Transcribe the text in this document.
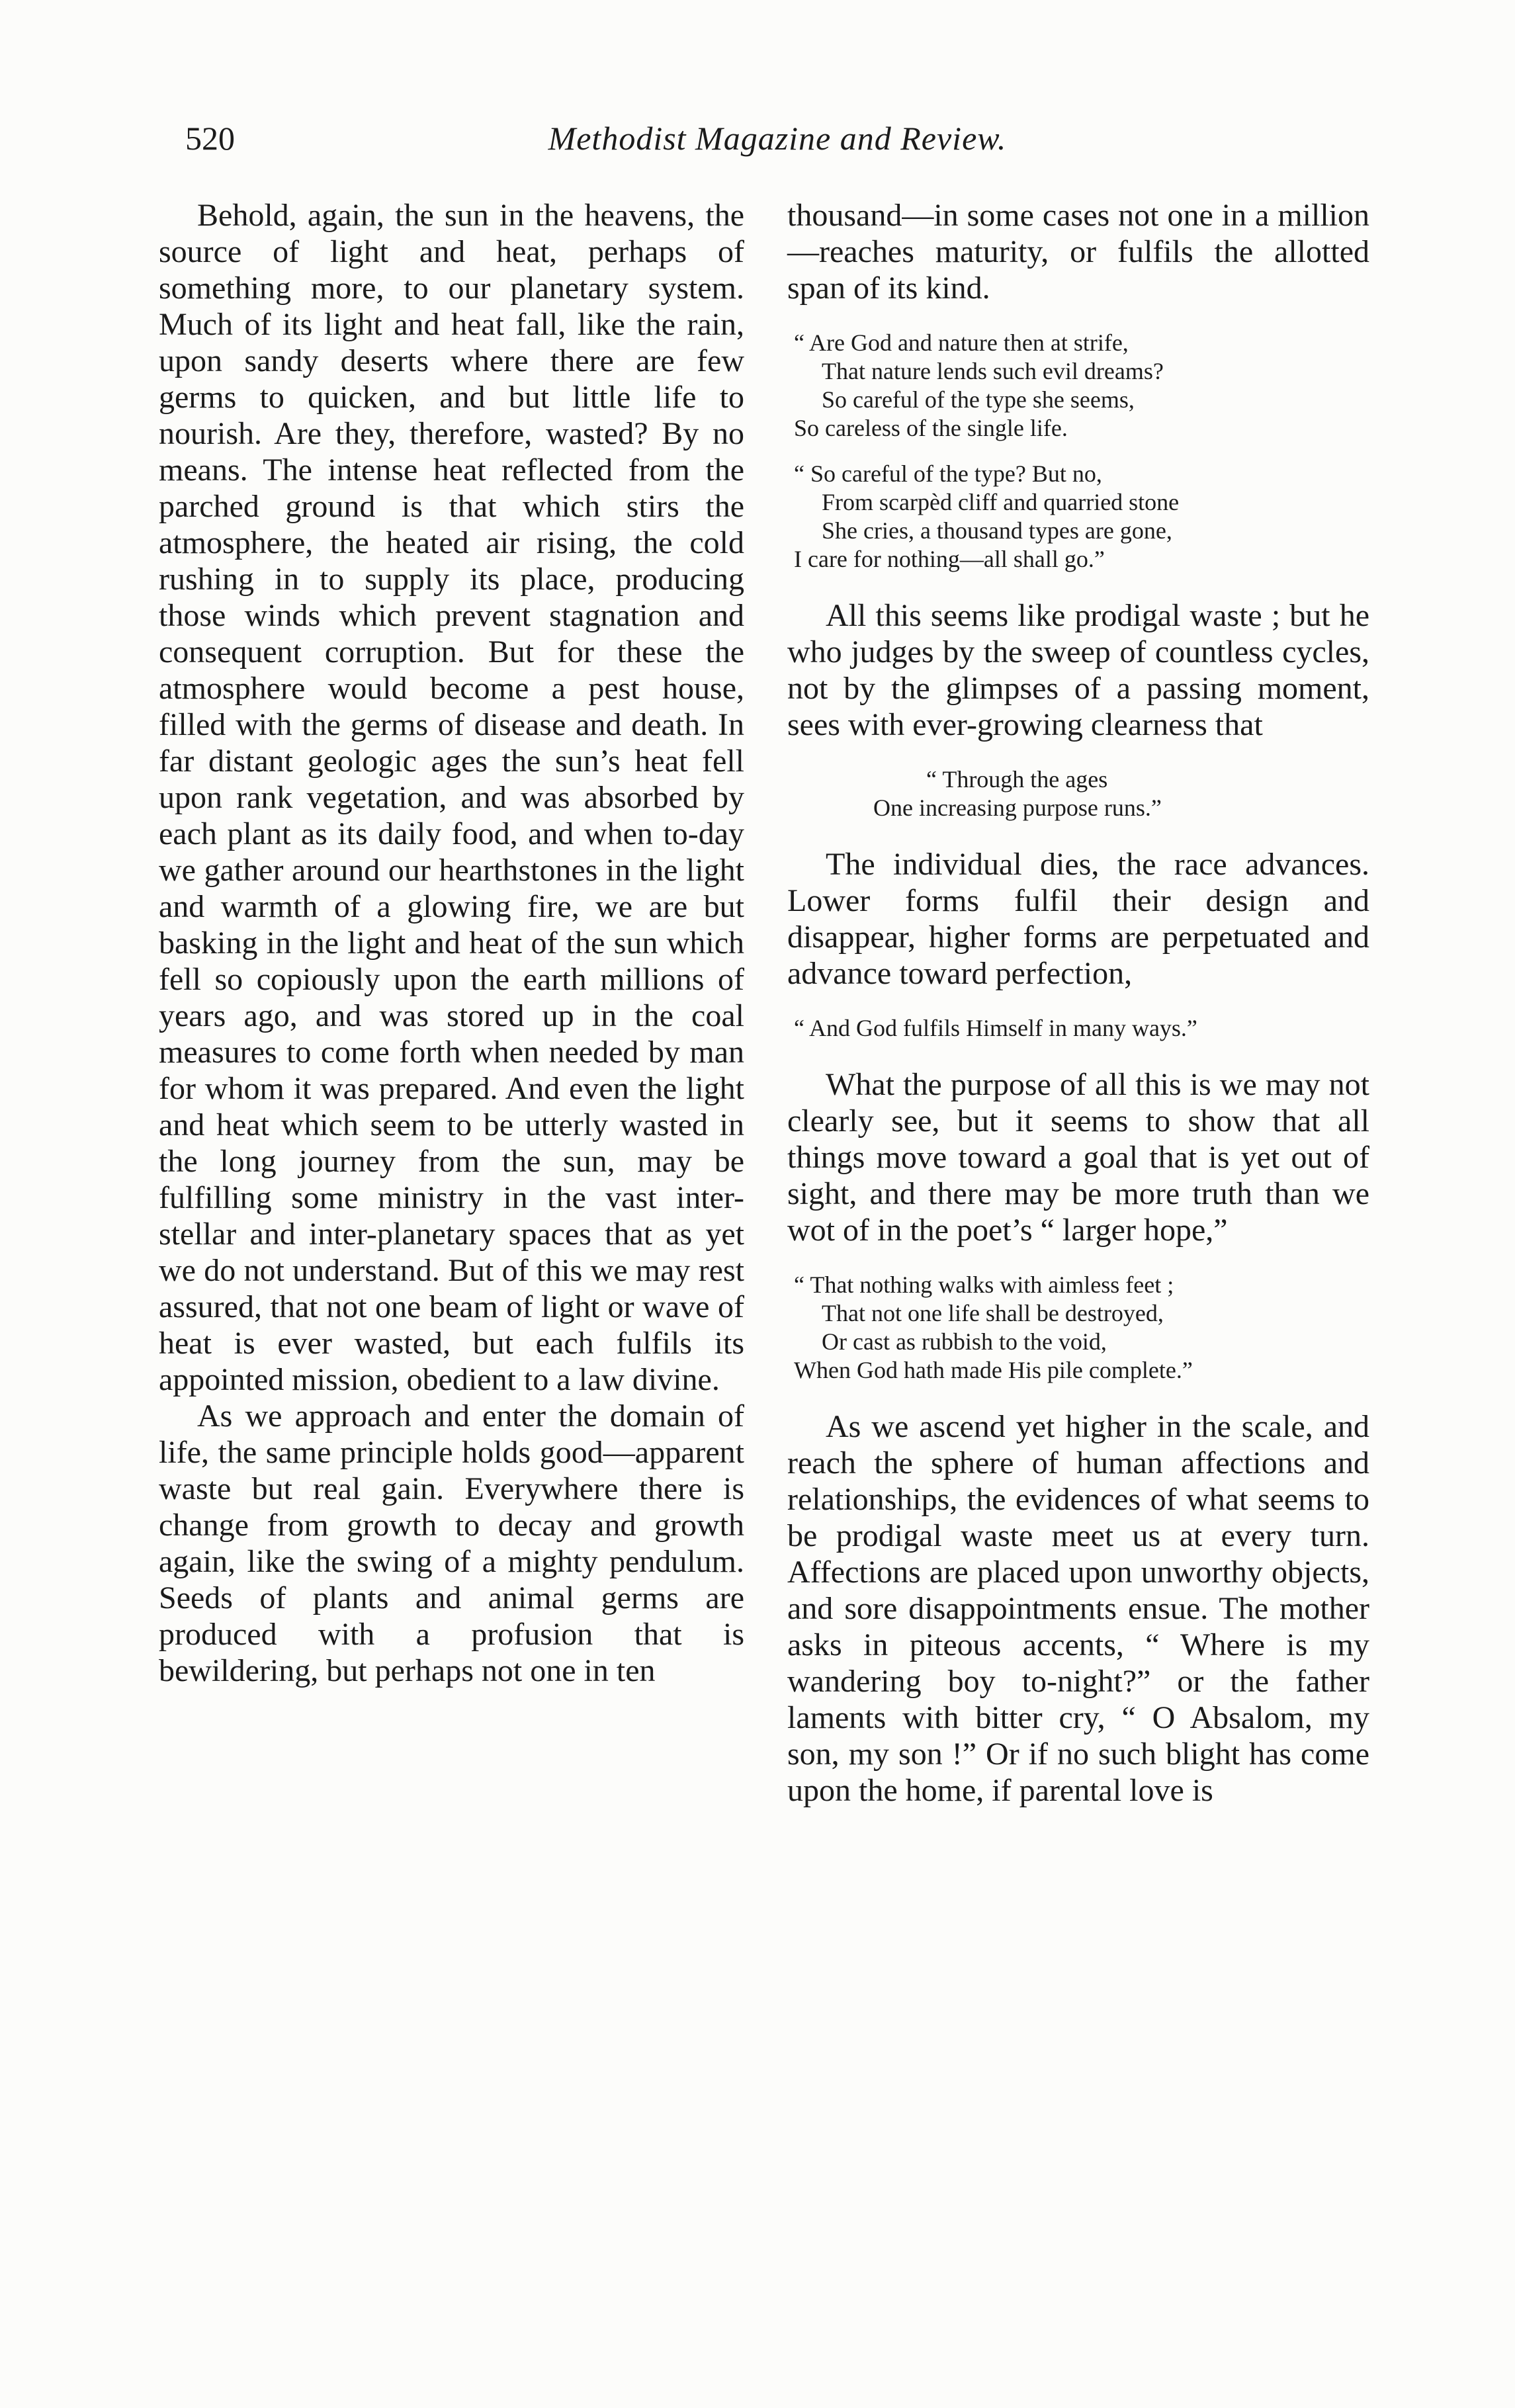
520	Methodist Magazine and Review.

Behold, again, the sun in the heavens, the source of light and heat, perhaps of something more, to our planetary system. Much of its light and heat fall, like the rain, upon sandy deserts where there are few germs to quicken, and but little life to nourish. Are they, therefore, wasted? By no means. The intense heat reflected from the parched ground is that which stirs the atmosphere, the heated air rising, the cold rushing in to supply its place, producing those winds which prevent stagnation and consequent corruption. But for these the atmosphere would become a pest house, filled with the germs of disease and death. In far distant geologic ages the sun’s heat fell upon rank vegetation, and was absorbed by each plant as its daily food, and when to-day we gather around our hearthstones in the light and warmth of a glowing fire, we are but basking in the light and heat of the sun which fell so copiously upon the earth millions of years ago, and was stored up in the coal measures to come forth when needed by man for whom it was prepared. And even the light and heat which seem to be utterly wasted in the long journey from the sun, may be fulfilling some ministry in the vast inter-stellar and inter-planetary spaces that as yet we do not understand. But of this we may rest assured, that not one beam of light or wave of heat is ever wasted, but each fulfils its appointed mission, obedient to a law divine.

As we approach and enter the domain of life, the same principle holds good—apparent waste but real gain. Everywhere there is change from growth to decay and growth again, like the swing of a mighty pendulum. Seeds of plants and animal germs are produced with a profusion that is bewildering, but perhaps not one in ten

thousand—in some cases not one in a million—reaches maturity, or fulfils the allotted span of its kind.

“ Are God and nature then at strife,
That nature lends such evil dreams?
So careful of the type she seems,
So careless of the single life.
“ So careful of the type? But no,
From scarpèd cliff and quarried stone
She cries, a thousand types are gone,
I care for nothing—all shall go.”

All this seems like prodigal waste ; but he who judges by the sweep of countless cycles, not by the glimpses of a passing moment, sees with ever-growing clearness that

“ Through the ages
One increasing purpose runs.”

The individual dies, the race advances. Lower forms fulfil their design and disappear, higher forms are perpetuated and advance toward perfection,

“ And God fulfils Himself in many ways.”

What the purpose of all this is we may not clearly see, but it seems to show that all things move toward a goal that is yet out of sight, and there may be more truth than we wot of in the poet’s “ larger hope,”

“ That nothing walks with aimless feet ;
That not one life shall be destroyed,
Or cast as rubbish to the void,
When God hath made His pile complete.”

As we ascend yet higher in the scale, and reach the sphere of human affections and relationships, the evidences of what seems to be prodigal waste meet us at every turn. Affections are placed upon unworthy objects, and sore disappointments ensue. The mother asks in piteous accents, “ Where is my wandering boy to-night?” or the father laments with bitter cry, “ O Absalom, my son, my son !” Or if no such blight has come upon the home, if parental love is
